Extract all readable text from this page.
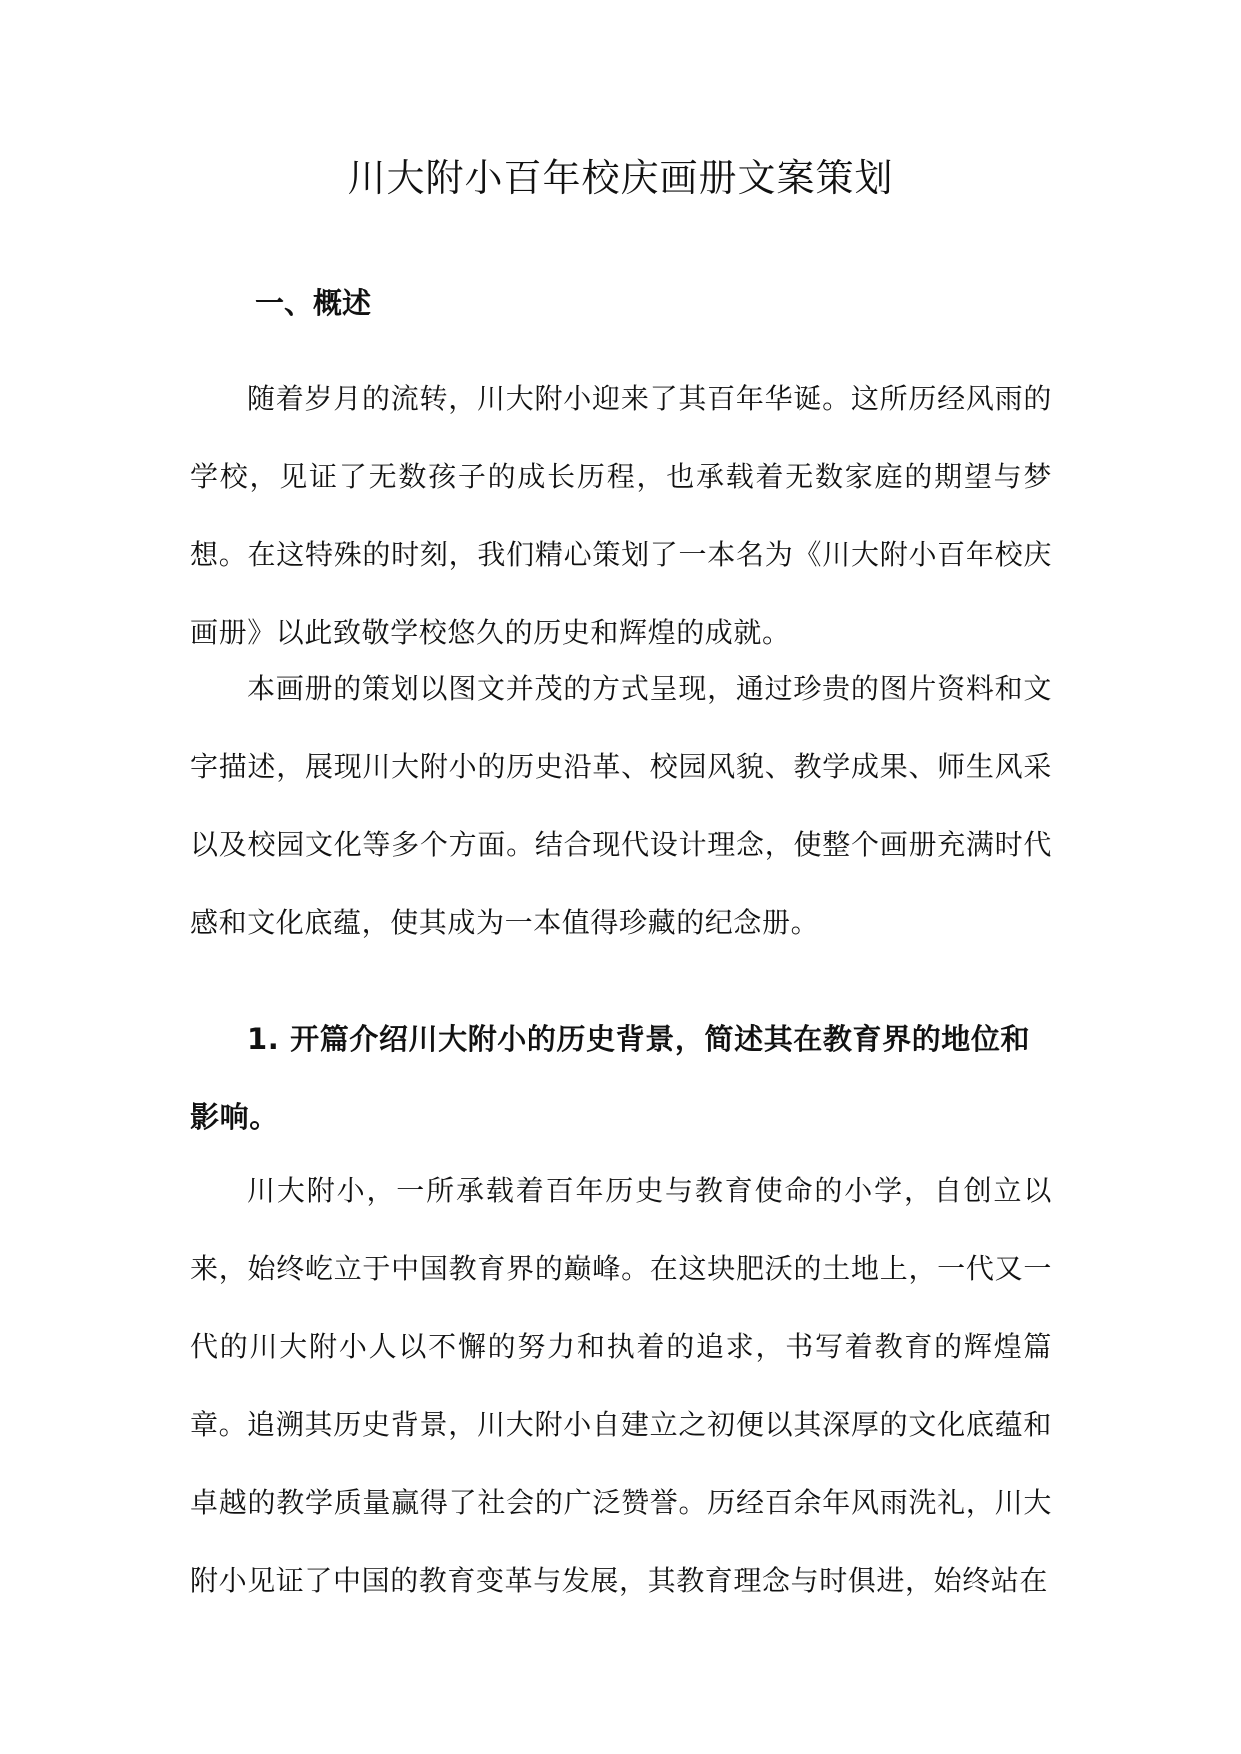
川大附小百年校庆画册文案策划
一、概述

随着岁月的流转，川大附小迎来了其百年华诞。这所历经风雨的学校，见证了无数孩子的成长历程，也承载着无数家庭的期望与梦想。在这特殊的时刻，我们精心策划了一本名为《川大附小百年校庆画册》以此致敬学校悠久的历史和辉煌的成就。

本画册的策划以图文并茂的方式呈现，通过珍贵的图片资料和文字描述，展现川大附小的历史沿革、校园风貌、教学成果、师生风采以及校园文化等多个方面。结合现代设计理念，使整个画册充满时代感和文化底蕴，使其成为一本值得珍藏的纪念册。

1. 开篇介绍川大附小的历史背景，简述其在教育界的地位和影响。

川大附小，一所承载着百年历史与教育使命的小学，自创立以来，始终屹立于中国教育界的巅峰。在这块肥沃的土地上，一代又一代的川大附小人以不懈的努力和执着的追求，书写着教育的辉煌篇章。 追溯其历史背景，川大附小自建立之初便以其深厚的文化底蕴和卓越的教学质量赢得了社会的广泛赞誉。历经百余年风雨洗礼，川大附小见证了中国的教育变革与发展，其教育理念与时俱进，始终站在
